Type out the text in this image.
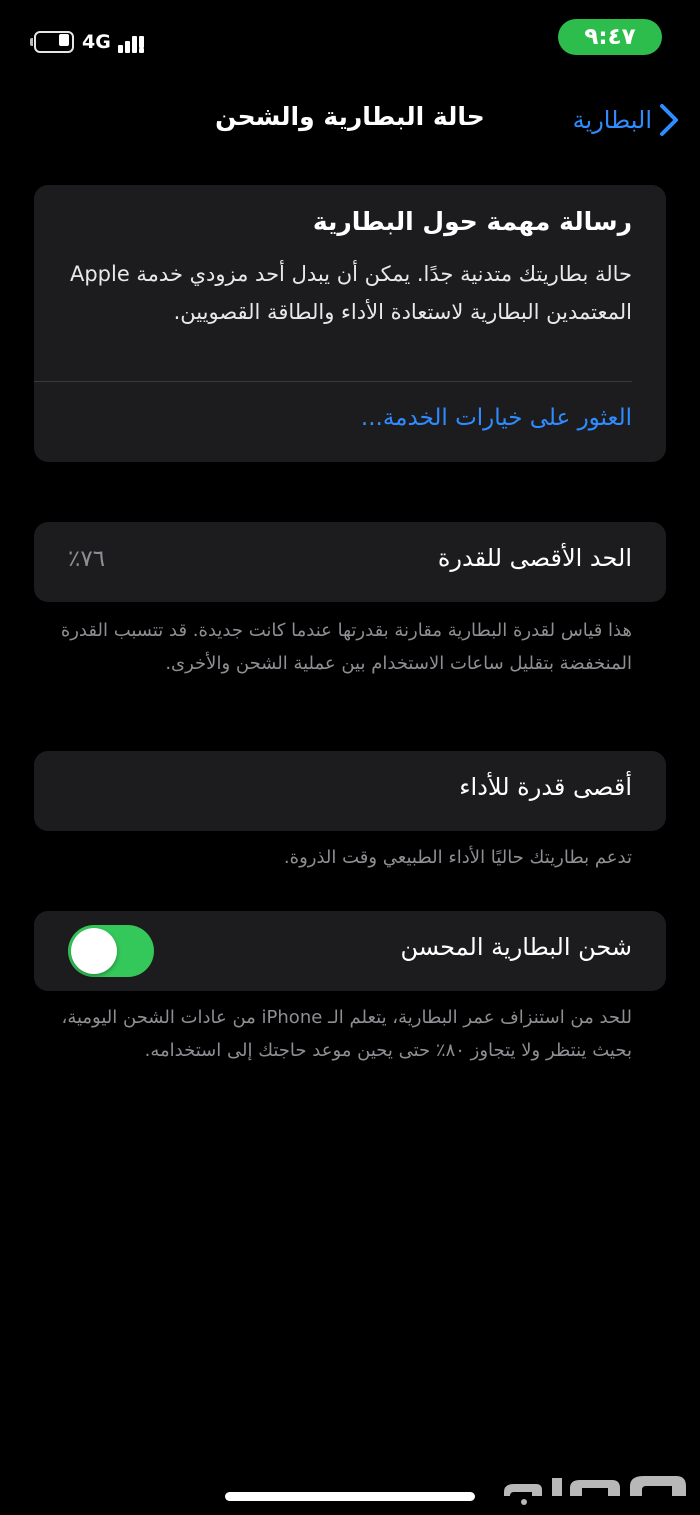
4G	٩:٤٧
البطارية
حالة البطارية والشحن
رسالة مهمة حول البطارية
حالة بطاريتك متدنية جدًا. يمكن أن يبدل أحد مزودي خدمة Apple المعتمدين البطارية لاستعادة الأداء والطاقة القصويين.
العثور على خيارات الخدمة...
الحد الأقصى للقدرة
٪٧٦
هذا قياس لقدرة البطارية مقارنة بقدرتها عندما كانت جديدة. قد تتسبب القدرة المنخفضة بتقليل ساعات الاستخدام بين عملية الشحن والأخرى.
أقصى قدرة للأداء
تدعم بطاريتك حاليًا الأداء الطبيعي وقت الذروة.
شحن البطارية المحسن
للحد من استنزاف عمر البطارية، يتعلم الـ iPhone من عادات الشحن اليومية، بحيث ينتظر ولا يتجاوز ٨٠٪ حتى يحين موعد حاجتك إلى استخدامه.
